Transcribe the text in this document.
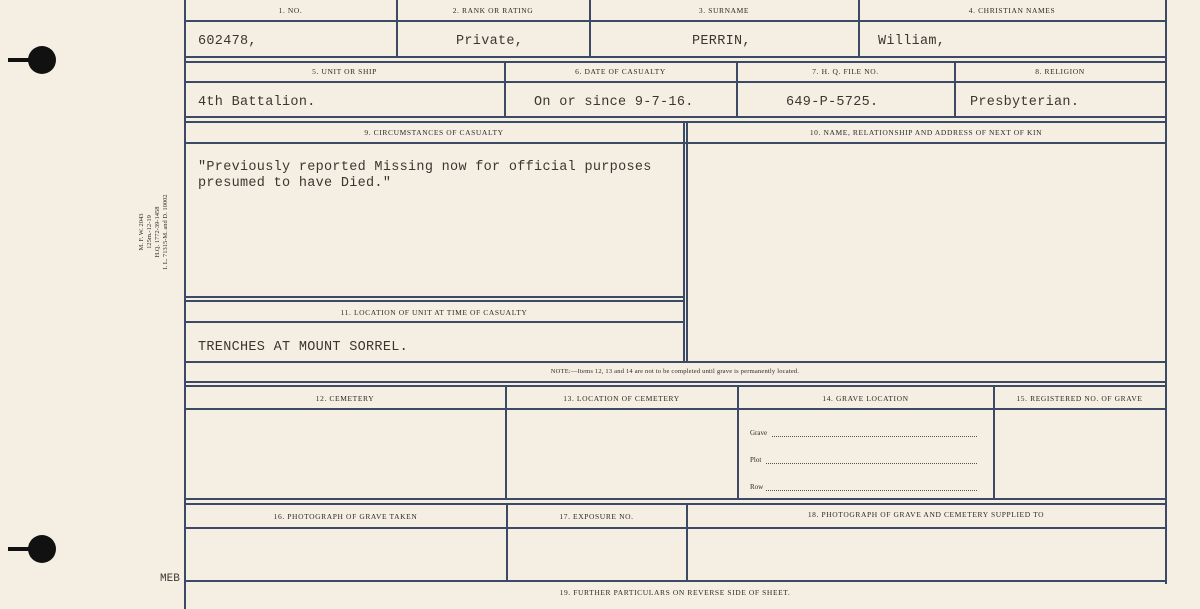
M. F. W. 2043 125m.-12-19 H.Q. 1772-39-1458 I. L. 71315-M. and D. 10002
1. NO.	2. RANK OR RATING	3. SURNAME	4. CHRISTIAN NAMES
602478,	Private,	PERRIN,	William,
5. UNIT OR SHIP	6. DATE OF CASUALTY	7. H. Q. FILE NO.	8. RELIGION
4th Battalion.	On or since 9-7-16.	649-P-5725.	Presbyterian.
9. CIRCUMSTANCES OF CASUALTY	10. NAME, RELATIONSHIP AND ADDRESS OF NEXT OF KIN
"Previously reported Missing now for official purposes
presumed to have Died."
11. LOCATION OF UNIT AT TIME OF CASUALTY
TRENCHES AT MOUNT SORREL.
NOTE:—Items 12, 13 and 14 are not to be completed until grave is permanently located.
12. CEMETERY	13. LOCATION OF CEMETERY	14. GRAVE LOCATION	15. REGISTERED NO. OF GRAVE
Grave
Plot
Row
16. PHOTOGRAPH OF GRAVE TAKEN	17. EXPOSURE NO.	18. PHOTOGRAPH OF GRAVE AND CEMETERY SUPPLIED TO
19. FURTHER PARTICULARS ON REVERSE SIDE OF SHEET.
MEB
